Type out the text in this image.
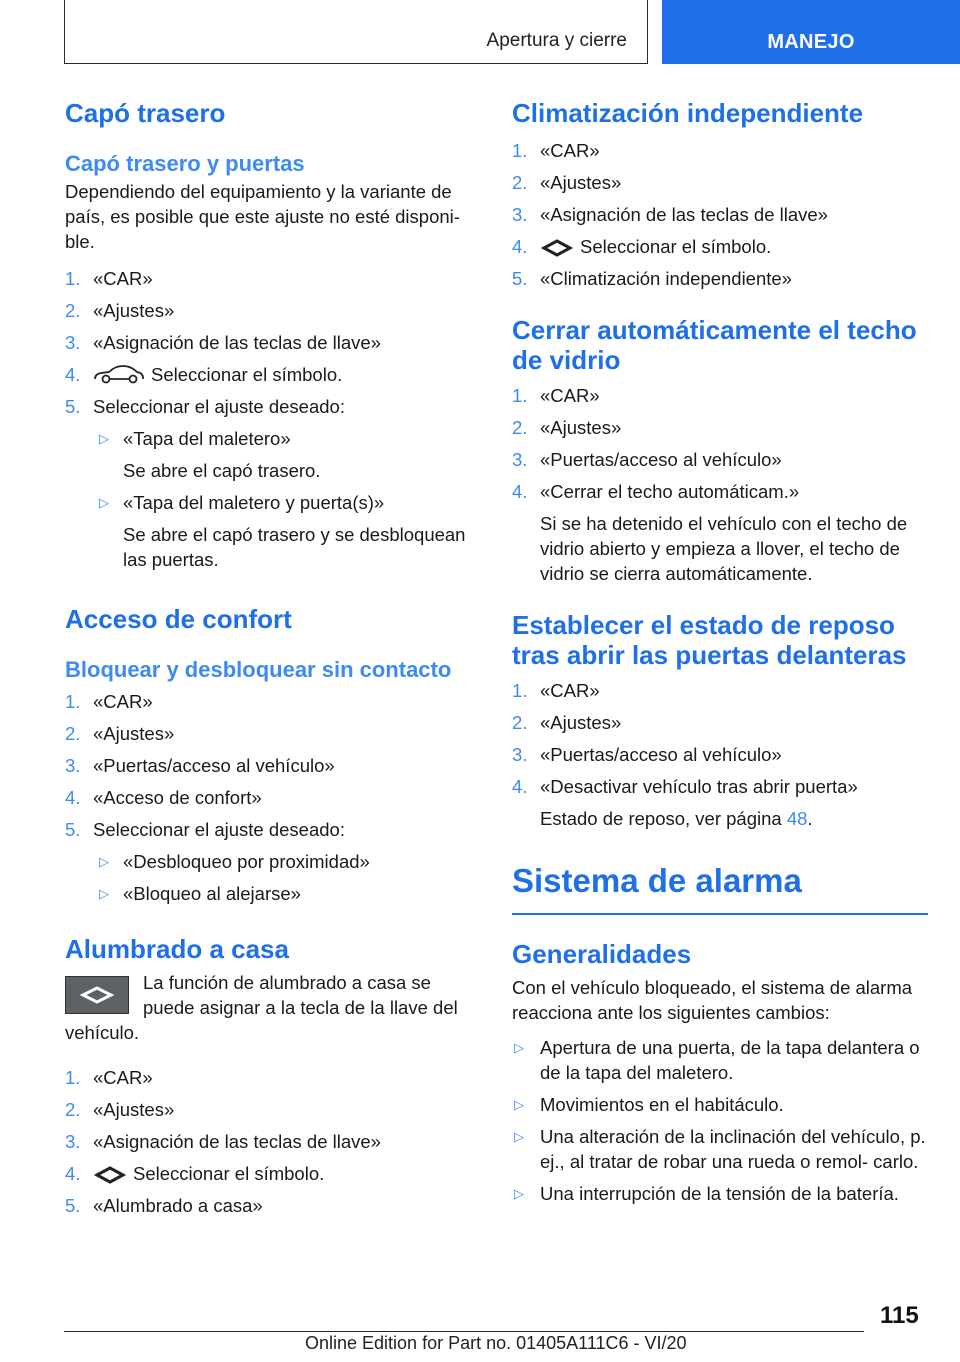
Apertura y cierre	MANEJO
Capó trasero
Capó trasero y puertas

Dependiendo del equipamiento y la variante de país, es posible que este ajuste no esté disponi- ble.

1. «CAR»
2. «Ajustes»
3. «Asignación de las teclas de llave»
4.	Seleccionar el símbolo.
5. Seleccionar el ajuste deseado:
▷ «Tapa del maletero»
Se abre el capó trasero.
▷ «Tapa del maletero y puerta(s)»
Se abre el capó trasero y se desbloquean las puertas.
Acceso de confort
Bloquear y desbloquear sin contacto
1. «CAR»
2. «Ajustes»
3. «Puertas/acceso al vehículo»
4. «Acceso de confort»
5. Seleccionar el ajuste deseado:
▷ «Desbloqueo por proximidad»
▷ «Bloqueo al alejarse»
Alumbrado a casa

La función de alumbrado a casa se puede asignar a la tecla de la llave del vehículo.

1. «CAR»
2. «Ajustes»
3. «Asignación de las teclas de llave»
4.	Seleccionar el símbolo.
5. «Alumbrado a casa»
Climatización independiente
1. «CAR»
2. «Ajustes»
3. «Asignación de las teclas de llave»
4.	Seleccionar el símbolo.
5. «Climatización independiente»
Cerrar automáticamente el techo de vidrio
1. «CAR»
2. «Ajustes»
3. «Puertas/acceso al vehículo»
4. «Cerrar el techo automáticam.»
Si se ha detenido el vehículo con el techo de vidrio abierto y empieza a llover, el techo de vidrio se cierra automáticamente.
Establecer el estado de reposo tras abrir las puertas delanteras
1. «CAR»
2. «Ajustes»
3. «Puertas/acceso al vehículo»
4. «Desactivar vehículo tras abrir puerta»
Estado de reposo, ver página 48.
Sistema de alarma
Generalidades

Con el vehículo bloqueado, el sistema de alarma reacciona ante los siguientes cambios:

▷ Apertura de una puerta, de la tapa delantera o de la tapa del maletero.
▷ Movimientos en el habitáculo.
▷ Una alteración de la inclinación del vehículo, p. ej., al tratar de robar una rueda o remol- carlo.
▷ Una interrupción de la tensión de la batería.
115
Online Edition for Part no. 01405A111C6 - VI/20
